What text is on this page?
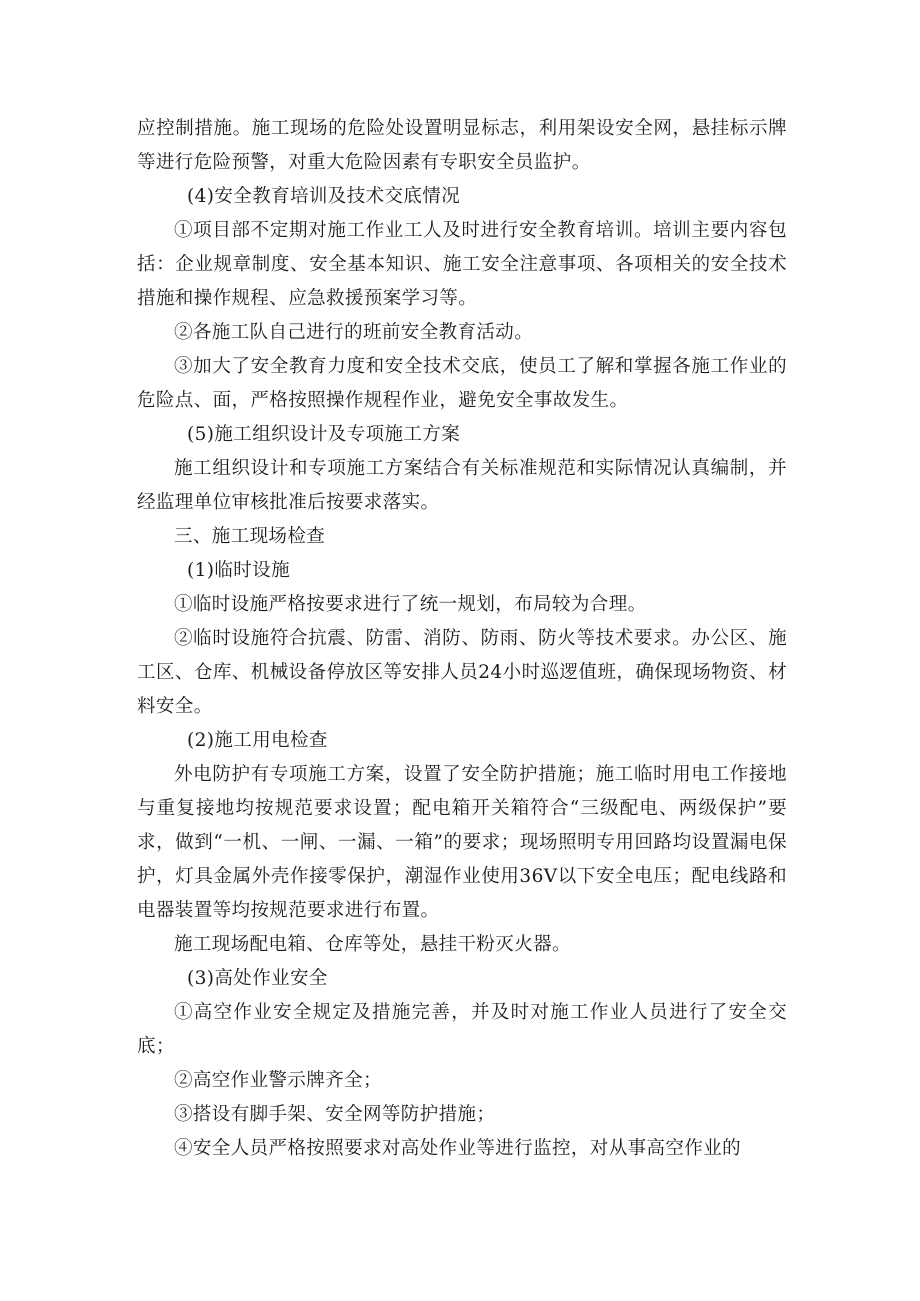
应控制措施。施工现场的危险处设置明显标志，利用架设安全网，悬挂标示牌等进行危险预警，对重大危险因素有专职安全员监护。

(4)安全教育培训及技术交底情况

①项目部不定期对施工作业工人及时进行安全教育培训。培训主要内容包括：企业规章制度、安全基本知识、施工安全注意事项、各项相关的安全技术措施和操作规程、应急救援预案学习等。

②各施工队自己进行的班前安全教育活动。

③加大了安全教育力度和安全技术交底，使员工了解和掌握各施工作业的危险点、面，严格按照操作规程作业，避免安全事故发生。

(5)施工组织设计及专项施工方案

施工组织设计和专项施工方案结合有关标准规范和实际情况认真编制，并经监理单位审核批准后按要求落实。

三、施工现场检查

(1)临时设施

①临时设施严格按要求进行了统一规划，布局较为合理。

②临时设施符合抗震、防雷、消防、防雨、防火等技术要求。办公区、施工区、仓库、机械设备停放区等安排人员24小时巡逻值班，确保现场物资、材料安全。

(2)施工用电检查

外电防护有专项施工方案，设置了安全防护措施；施工临时用电工作接地与重复接地均按规范要求设置；配电箱开关箱符合“三级配电、两级保护”要求，做到“一机、一闸、一漏、一箱”的要求；现场照明专用回路均设置漏电保护，灯具金属外壳作接零保护，潮湿作业使用36V以下安全电压；配电线路和电器装置等均按规范要求进行布置。

施工现场配电箱、仓库等处，悬挂干粉灭火器。

(3)高处作业安全

①高空作业安全规定及措施完善，并及时对施工作业人员进行了安全交底；

②高空作业警示牌齐全；

③搭设有脚手架、安全网等防护措施；

④安全人员严格按照要求对高处作业等进行监控，对从事高空作业的
